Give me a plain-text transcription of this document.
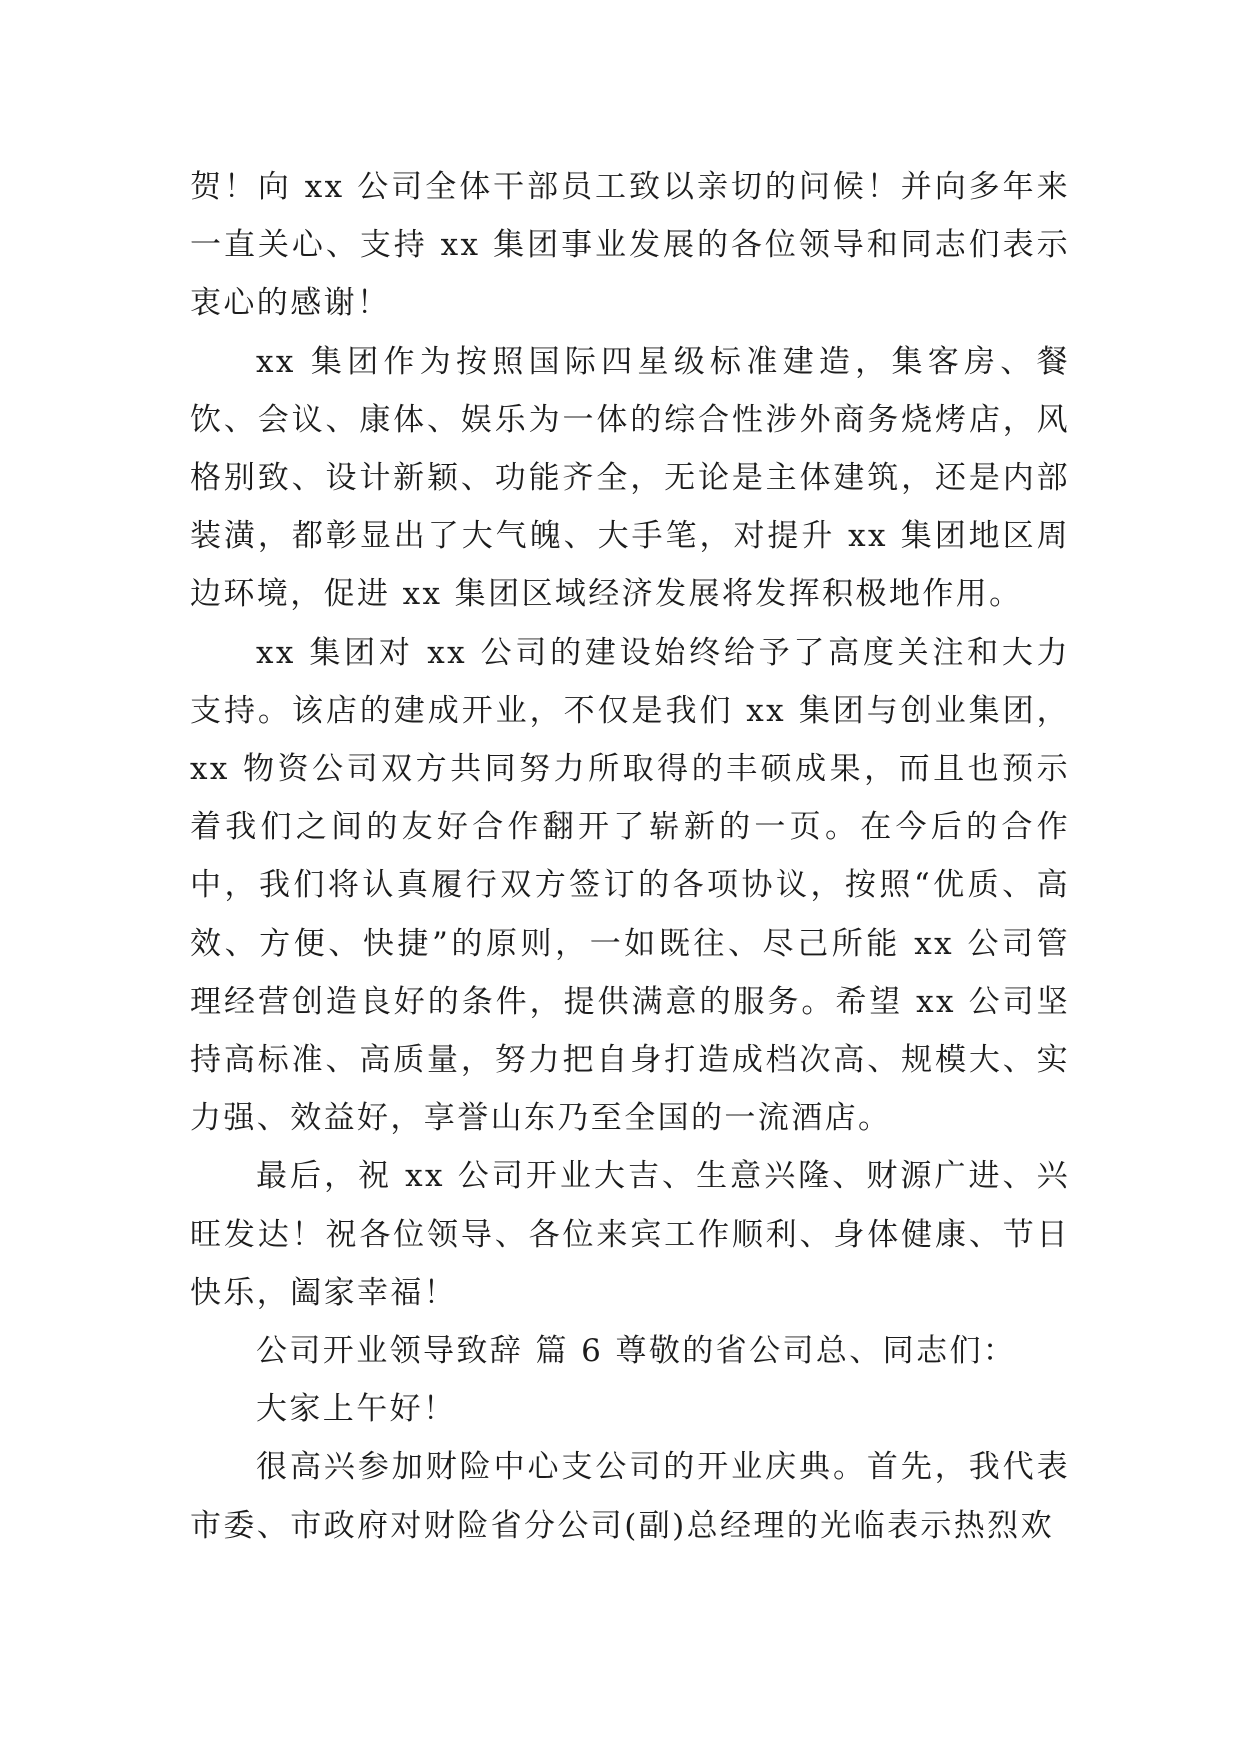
贺！向 xx 公司全体干部员工致以亲切的问候！并向多年来一直关心、支持 xx 集团事业发展的各位领导和同志们表示衷心的感谢！

xx 集团作为按照国际四星级标准建造，集客房、餐饮、会议、康体、娱乐为一体的综合性涉外商务烧烤店，风格别致、设计新颖、功能齐全，无论是主体建筑，还是内部装潢，都彰显出了大气魄、大手笔，对提升 xx 集团地区周边环境，促进 xx 集团区域经济发展将发挥积极地作用。

xx 集团对 xx 公司的建设始终给予了高度关注和大力支持。该店的建成开业，不仅是我们 xx 集团与创业集团，xx 物资公司双方共同努力所取得的丰硕成果，而且也预示着我们之间的友好合作翻开了崭新的一页。在今后的合作中，我们将认真履行双方签订的各项协议，按照“优质、高效、方便、快捷”的原则，一如既往、尽己所能 xx 公司管理经营创造良好的条件，提供满意的服务。希望 xx 公司坚持高标准、高质量，努力把自身打造成档次高、规模大、实力强、效益好，享誉山东乃至全国的一流酒店。

最后，祝 xx 公司开业大吉、生意兴隆、财源广进、兴旺发达！祝各位领导、各位来宾工作顺利、身体健康、节日快乐，阖家幸福！

公司开业领导致辞 篇 6 尊敬的省公司总、同志们：

大家上午好！

很高兴参加财险中心支公司的开业庆典。首先，我代表市委、市政府对财险省分公司(副)总经理的光临表示热烈欢
